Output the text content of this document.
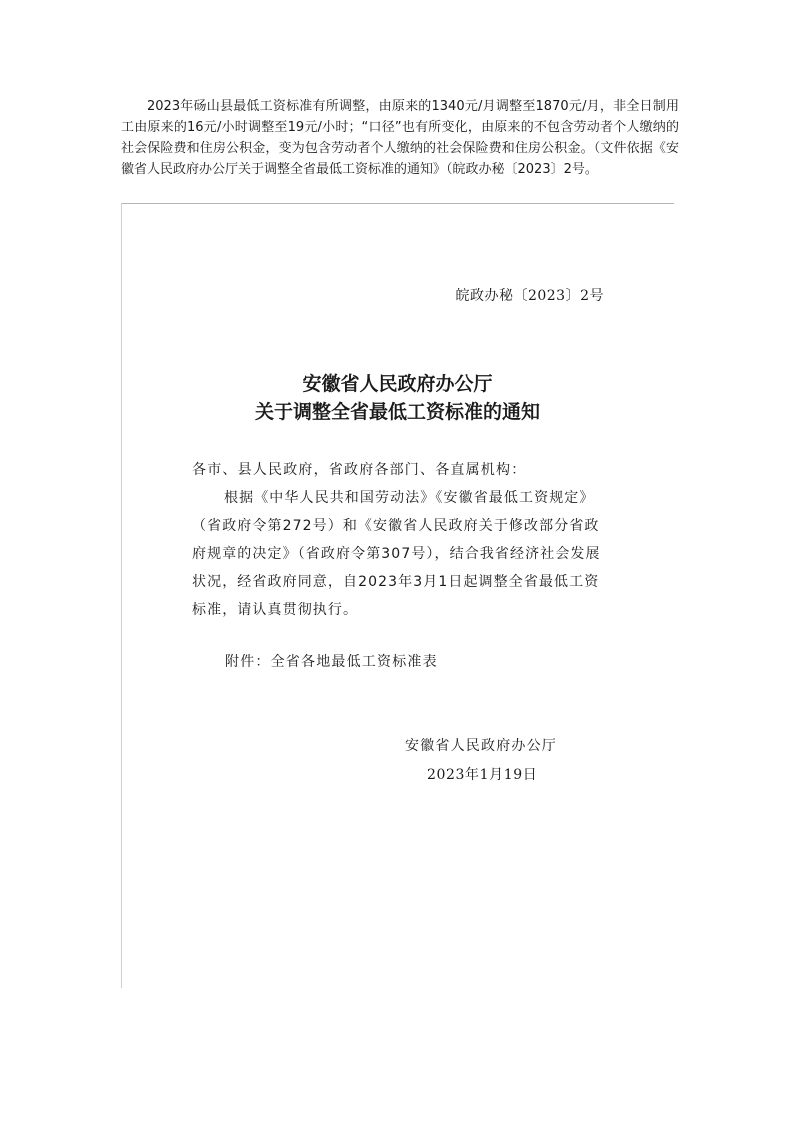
2023年砀山县最低工资标准有所调整，由原来的1340元/月调整至1870元/月，非全日制用工由原来的16元/小时调整至19元/小时；“口径”也有所变化，由原来的不包含劳动者个人缴纳的社会保险费和住房公积金，变为包含劳动者个人缴纳的社会保险费和住房公积金。（文件依据《安徽省人民政府办公厅关于调整全省最低工资标准的通知》（皖政办秘〔2023〕2号。
皖政办秘〔2023〕2号
安徽省人民政府办公厅
关于调整全省最低工资标准的通知
各市、县人民政府，省政府各部门、各直属机构：
根据《中华人民共和国劳动法》《安徽省最低工资规定》（省政府令第272号）和《安徽省人民政府关于修改部分省政府规章的决定》（省政府令第307号），结合我省经济社会发展状况，经省政府同意，自2023年3月1日起调整全省最低工资标准，请认真贯彻执行。
附件：全省各地最低工资标准表
安徽省人民政府办公厅
2023年1月19日
